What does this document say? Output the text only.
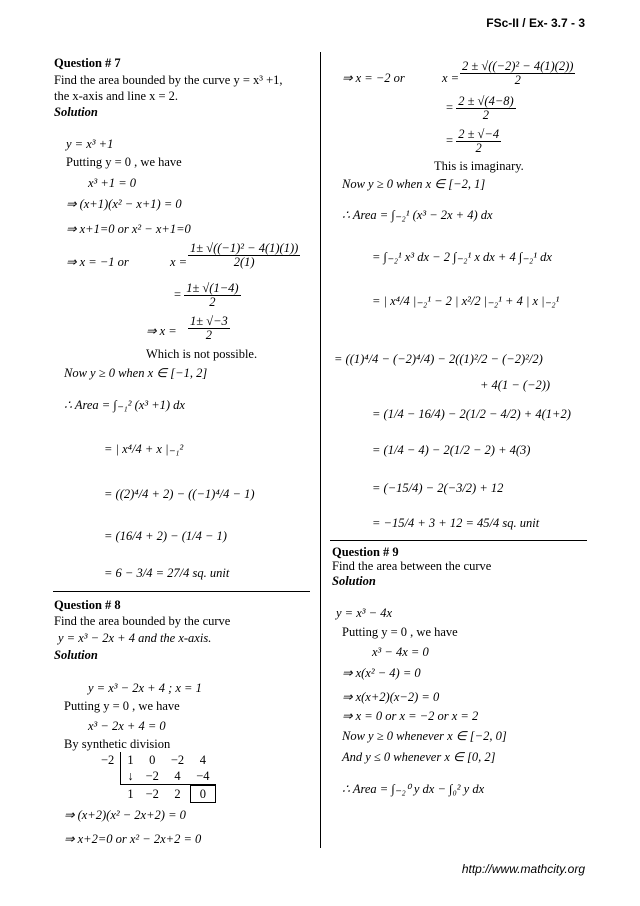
FSc-II / Ex- 3.7 - 3
Question # 7
Find the area bounded by the curve y = x³ +1,
the x-axis and line x = 2.
Solution
y = x³ +1
Putting y = 0 , we have
x³ +1 = 0
⇒ (x+1)(x² − x+1) = 0
⇒ x+1=0 or x² − x+1=0
⇒ x = −1 or	$x = \frac{\text{1± √((−1)² − 4(1)(1))}}{2(1)}$
= $\frac{1\pm √(1-4)}{2}$
⇒ $x = \frac{1\pm √-3}{2}$
Which is not possible.
Now y ≥ 0 when x ∈ [−1, 2]
∴ Area = ∫₋₁² (x³ +1) dx
= | x⁴/4 + x |₋₁²
= ((2)⁴/4 + 2) − ((−1)⁴/4 − 1)
= (16/4 + 2) − (1/4 − 1)
= 6 − 3/4 = 27/4 sq. unit
Question # 8
Find the area bounded by the curve
y = x³ − 2x + 4 and the x-axis.
Solution
y = x³ − 2x + 4 ; x = 1
Putting y = 0 , we have
x³ − 2x + 4 = 0
By synthetic division
−2	1	0	−2	4
	↓	−2	4	−4
	1	−2	2	0
⇒ (x+2)(x² − 2x+2) = 0
⇒ x+2=0 or x² − 2x+2 = 0
⇒ x = −2 or	$x = \frac{\text{2 ± √((−2)² − 4(1)(2))}}{2}$
= $\frac{2 \pm √(4-8)}{2}$
= $\frac{2 \pm √-4}{2}$
This is imaginary.
Now y ≥ 0 when x ∈ [−2, 1]
∴ Area = ∫₋₂¹ (x³ − 2x + 4) dx
= ∫₋₂¹ x³ dx − 2 ∫₋₂¹ x dx + 4 ∫₋₂¹ dx
= | x⁴/4 |₋₂¹ − 2 | x²/2 |₋₂¹ + 4 | x |₋₂¹
= ((1)⁴/4 − (−2)⁴/4) − 2((1)²/2 − (−2)²/2)
+ 4(1 − (−2))
= (1/4 − 16/4) − 2(1/2 − 4/2) + 4(1+2)
= (1/4 − 4) − 2(1/2 − 2) + 4(3)
= (−15/4) − 2(−3/2) + 12
= −15/4 + 3 + 12 = 45/4 sq. unit
Question # 9
Find the area between the curve
Solution
y = x³ − 4x
Putting y = 0 , we have
x³ − 4x = 0
⇒ x(x² − 4) = 0
⇒ x(x+2)(x−2) = 0
⇒ x = 0 or x = −2 or x = 2
Now y ≥ 0 whenever x ∈ [−2, 0]
And y ≤ 0 whenever x ∈ [0, 2]
∴ Area = ∫₋₂⁰ y dx − ∫₀² y dx
http://www.mathcity.org
